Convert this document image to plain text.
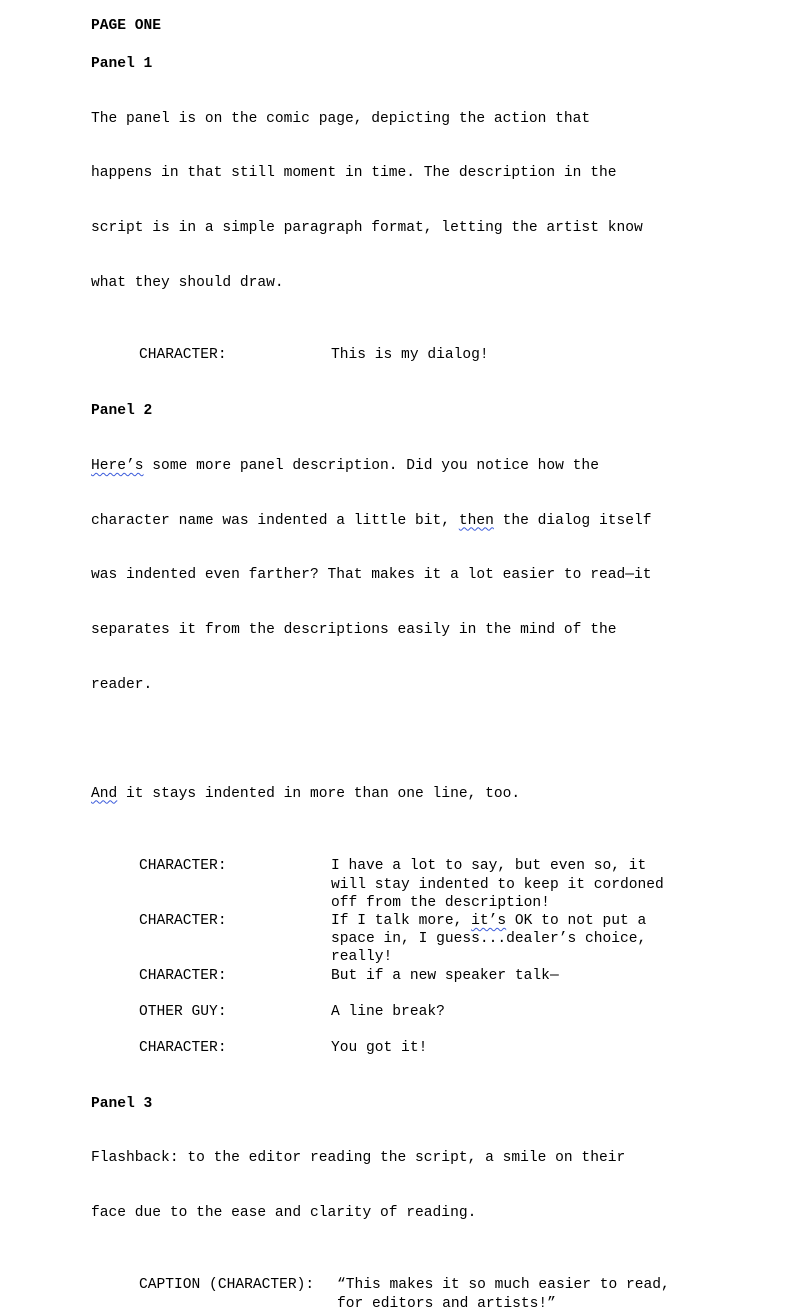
PAGE ONE
Panel 1

The panel is on the comic page, depicting the action that

happens in that still moment in time. The description in the

script is in a simple paragraph format, letting the artist know

what they should draw.

CHARACTER:	This is my dialog!
Panel 2

Here’s some more panel description. Did you notice how the

character name was indented a little bit, then the dialog itself

was indented even farther? That makes it a lot easier to read—it

separates it from the descriptions easily in the mind of the

reader.

And it stays indented in more than one line, too.

CHARACTER:	I have a lot to say, but even so, it
will stay indented to keep it cordoned
off from the description!
CHARACTER:	If I talk more, it’s OK to not put a
space in, I guess...dealer’s choice,
really!
CHARACTER:	But if a new speaker talk—
OTHER GUY:	A line break?
CHARACTER:	You got it!
Panel 3

Flashback: to the editor reading the script, a smile on their

face due to the ease and clarity of reading.

CAPTION (CHARACTER):	“This makes it so much easier to read,
for editors and artists!”
